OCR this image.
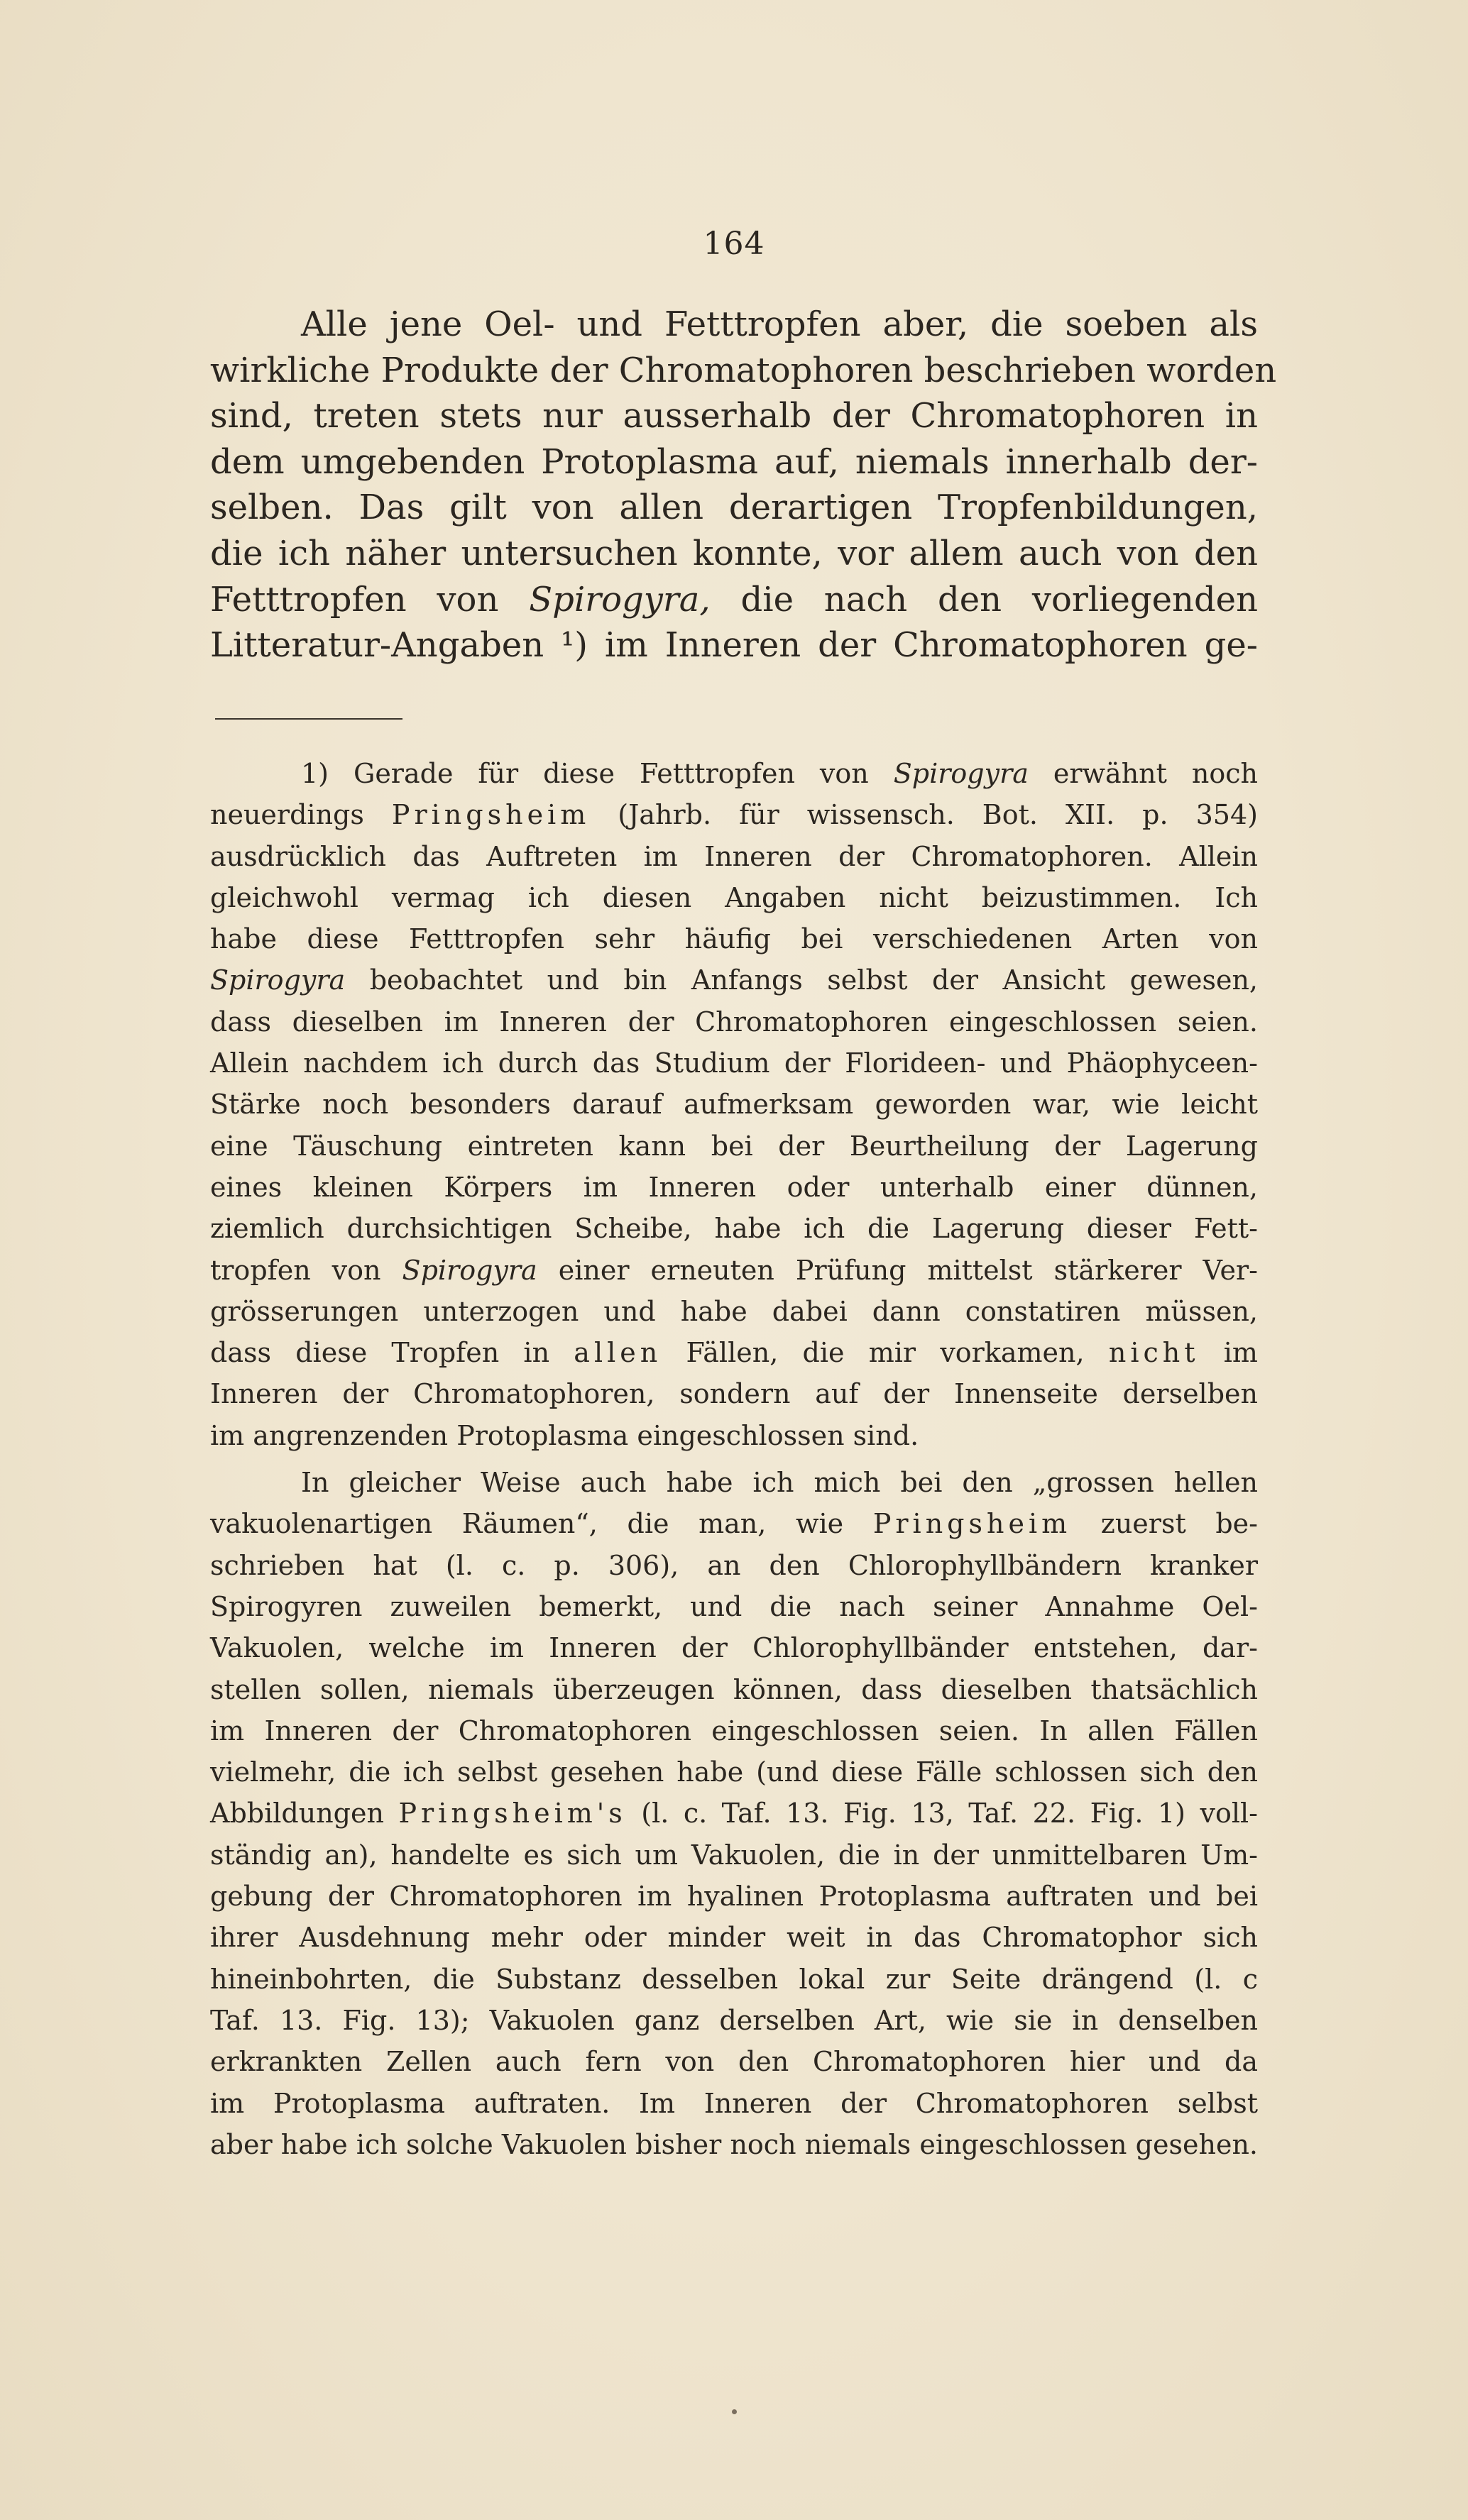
164
Alle jene Oel- und Fetttropfen aber, die soeben als
wirkliche Produkte der Chromatophoren beschrieben worden
sind, treten stets nur ausserhalb der Chromatophoren in
dem umgebenden Protoplasma auf, niemals innerhalb der-
selben. Das gilt von allen derartigen Tropfenbildungen,
die ich näher untersuchen konnte, vor allem auch von den
Fetttropfen von Spirogyra, die nach den vorliegenden
Litteratur-Angaben ¹) im Inneren der Chromatophoren ge-
1) Gerade für diese Fetttropfen von Spirogyra erwähnt noch
neuerdings Pringsheim (Jahrb. für wissensch. Bot. XII. p. 354)
ausdrücklich das Auftreten im Inneren der Chromatophoren. Allein
gleichwohl vermag ich diesen Angaben nicht beizustimmen. Ich
habe diese Fetttropfen sehr häufig bei verschiedenen Arten von
Spirogyra beobachtet und bin Anfangs selbst der Ansicht gewesen,
dass dieselben im Inneren der Chromatophoren eingeschlossen seien.
Allein nachdem ich durch das Studium der Florideen- und Phäophyceen-
Stärke noch besonders darauf aufmerksam geworden war, wie leicht
eine Täuschung eintreten kann bei der Beurtheilung der Lagerung
eines kleinen Körpers im Inneren oder unterhalb einer dünnen,
ziemlich durchsichtigen Scheibe, habe ich die Lagerung dieser Fett-
tropfen von Spirogyra einer erneuten Prüfung mittelst stärkerer Ver-
grösserungen unterzogen und habe dabei dann constatiren müssen,
dass diese Tropfen in allen Fällen, die mir vorkamen, nicht im
Inneren der Chromatophoren, sondern auf der Innenseite derselben
im angrenzenden Protoplasma eingeschlossen sind.
In gleicher Weise auch habe ich mich bei den „grossen hellen
vakuolenartigen Räumen“, die man, wie Pringsheim zuerst be-
schrieben hat (l. c. p. 306), an den Chlorophyllbändern kranker
Spirogyren zuweilen bemerkt, und die nach seiner Annahme Oel-
Vakuolen, welche im Inneren der Chlorophyllbänder entstehen, dar-
stellen sollen, niemals überzeugen können, dass dieselben thatsächlich
im Inneren der Chromatophoren eingeschlossen seien. In allen Fällen
vielmehr, die ich selbst gesehen habe (und diese Fälle schlossen sich den
Abbildungen Pringsheim's (l. c. Taf. 13. Fig. 13, Taf. 22. Fig. 1) voll-
ständig an), handelte es sich um Vakuolen, die in der unmittelbaren Um-
gebung der Chromatophoren im hyalinen Protoplasma auftraten und bei
ihrer Ausdehnung mehr oder minder weit in das Chromatophor sich
hineinbohrten, die Substanz desselben lokal zur Seite drängend (l. c
Taf. 13. Fig. 13); Vakuolen ganz derselben Art, wie sie in denselben
erkrankten Zellen auch fern von den Chromatophoren hier und da
im Protoplasma auftraten. Im Inneren der Chromatophoren selbst
aber habe ich solche Vakuolen bisher noch niemals eingeschlossen gesehen.
